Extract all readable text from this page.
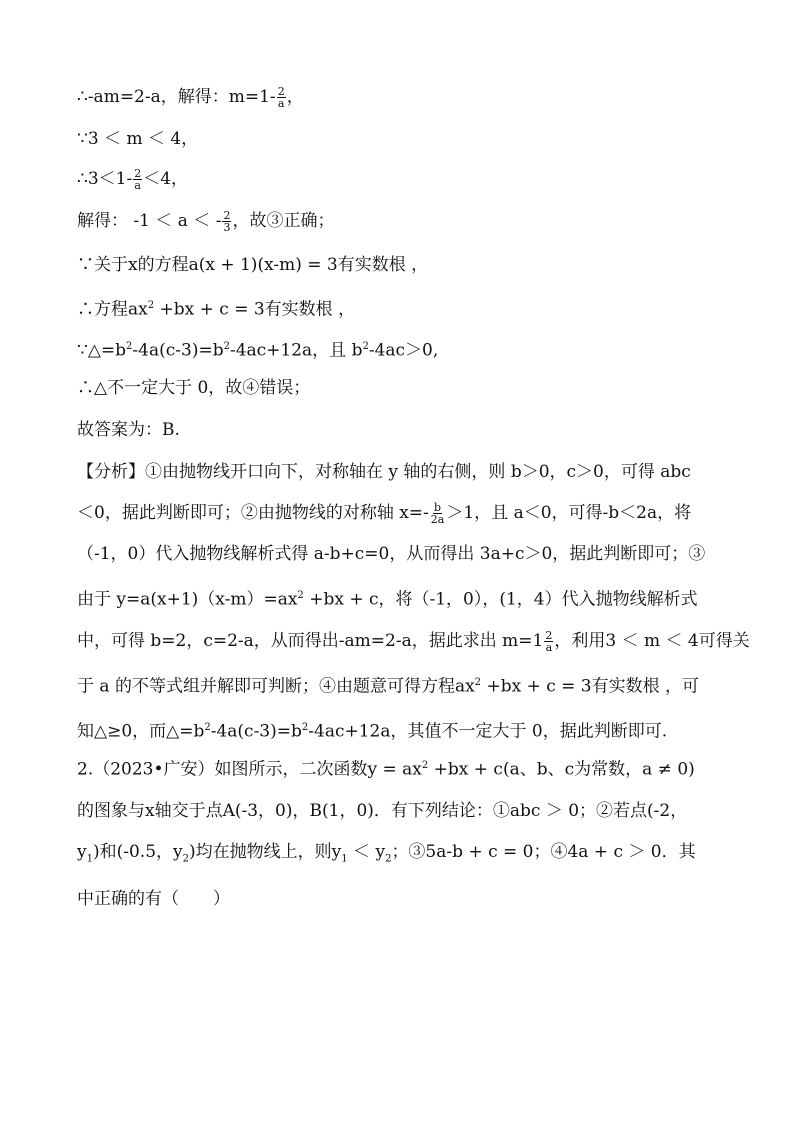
∴-am=2-a，解得：$m=1- \frac{2}{a}$ ，
∵3 ＜ m ＜ 4，
∴3＜1- $\frac{2}{a} <4$，
解得： -1 ＜ a ＜ - $\frac{2}{3}$ ，故③正确；
∵关于x的方程a(x + 1)(x-m) = 3有实数根 ，
∴方程$ax^2 +bx + c = 3$有实数根 ，
$\because\triangle=b^2-4a(c-3)=b^2-4ac+12a$，且 $b^2-4ac>0$,
∴△不一定大于 0，故④错误；
故答案为：B.
【分析】①由抛物线开口向下，对称轴在 y 轴的右侧，则 b＞0，c＞0，可得 abc
＜0，据此判断即可；②由抛物线的对称轴 $x=- \frac{b}{2a} >1$，且 a＜0，可得-b＜2a，将
（-1，0）代入抛物线解析式得 a-b+c=0，从而得出 3a+c＞0，据此判断即可；③
由于 $y=a(x+1)(x-m)=ax^2 +bx + c$，将（-1，0），(1，4）代入抛物线解析式
中，可得 b=2，c=2-a，从而得出-am=2-a，据此求出 $m=1 \frac{2}{a}$ ，利用3 ＜ m ＜ 4可得关
于 a 的不等式组并解即可判断；④由题意可得方程$ax^2 +bx + c = 3$有实数根 ，可
知△≥0，而$\triangle=b^2-4a(c-3)=b^2-4ac+12a$，其值不一定大于 0，据此判断即可.
2.（2023•广安）如图所示，二次函数$y = ax^2 +bx + c(a$、b、c为常数，a ≠ 0)
的图象与x轴交于点A(-3，0)，B(1，0)．有下列结论：①abc ＞ 0；②若点(-2，
$y_1$)和(-0.5，$y_2$)均在抛物线上，则$y_1 < y_2$；③5a-b + c = 0；④4a + c ＞ 0．其
中正确的有（　　）
